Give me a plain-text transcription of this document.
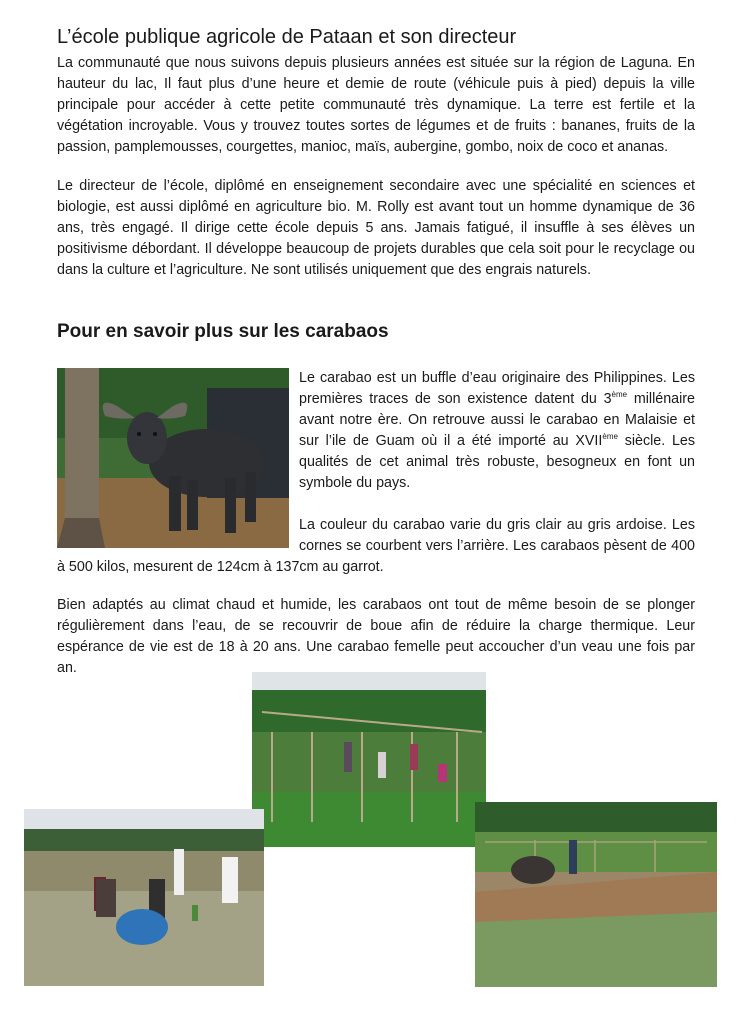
L’école publique agricole de Pataan et son directeur

La communauté que nous suivons depuis plusieurs années est située sur la région de Laguna. En hauteur du lac, Il faut plus d’une heure et demie de route (véhicule puis à pied) depuis la ville principale pour accéder à cette petite communauté très dynamique. La terre est fertile et la végétation incroyable. Vous y trouvez toutes sortes de légumes et de fruits : bananes, fruits de la passion, pamplemousses, courgettes, manioc, maïs, aubergine, gombo, noix de coco et ananas.

Le directeur de l’école, diplômé en enseignement secondaire avec une spécialité en sciences et biologie, est aussi diplômé en agriculture bio. M. Rolly est avant tout un homme dynamique de 36 ans, très engagé. Il dirige cette école depuis 5 ans. Jamais fatigué, il insuffle à ses élèves un positivisme débordant. Il développe beaucoup de projets durables que cela soit pour le recyclage ou dans la culture et l’agriculture. Ne sont utilisés uniquement que des engrais naturels.

Pour en savoir plus sur les carabaos

Le carabao est un buffle d’eau originaire des Philippines. Les premières traces de son existence datent du 3ème millénaire avant notre ère. On retrouve aussi le carabao en Malaisie et sur l’ile de Guam où il a été importé au XVIIème siècle. Les qualités de cet animal très robuste, besogneux en font un symbole du pays.

La couleur du carabao varie du gris clair au gris ardoise. Les cornes se courbent vers l’arrière. Les carabaos pèsent de 400 à 500 kilos, mesurent de 124cm à 137cm au garrot.

Bien adaptés au climat chaud et humide, les carabaos ont tout de même besoin de se plonger régulièrement dans l’eau, de se recouvrir de boue afin de réduire la charge thermique. Leur espérance de vie est de 18 à 20 ans. Une carabao femelle peut accoucher d’un veau une fois par an.
